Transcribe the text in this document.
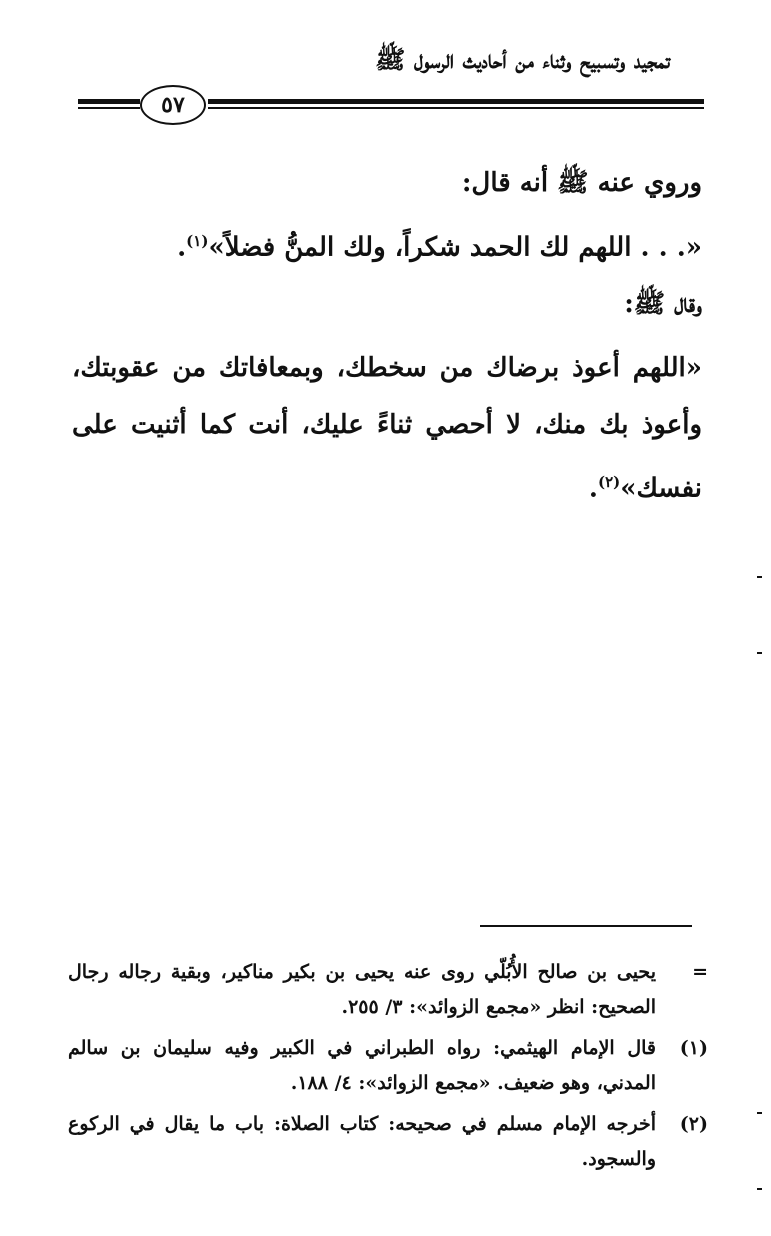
تمجيد وتسبيح وثناء من أحاديث الرسول ﷺ
٥٧
وروي عنه ﷺ أنه قال:
«. . . اللهم لك الحمد شكراً، ولك المنُّ فضلاً»$^{(١)}$.
وقال ﷺ:
«اللهم أعوذ برضاك من سخطك، وبمعافاتك من عقوبتك، وأعوذ بك منك، لا أحصي ثناءً عليك، أنت كما أثنيت على نفسك»$^{(٢)}$.
=
يحيى بن صالح الأُبُلّي روى عنه يحيى بن بكير مناكير، وبقية رجاله رجال الصحيح: انظر «مجمع الزوائد»: ٣/ ٢٥٥.
(١)
قال الإمام الهيثمي: رواه الطبراني في الكبير وفيه سليمان بن سالم المدني، وهو ضعيف. «مجمع الزوائد»: ٤/ ١٨٨.
(٢)
أخرجه الإمام مسلم في صحيحه: كتاب الصلاة: باب ما يقال في الركوع والسجود.
